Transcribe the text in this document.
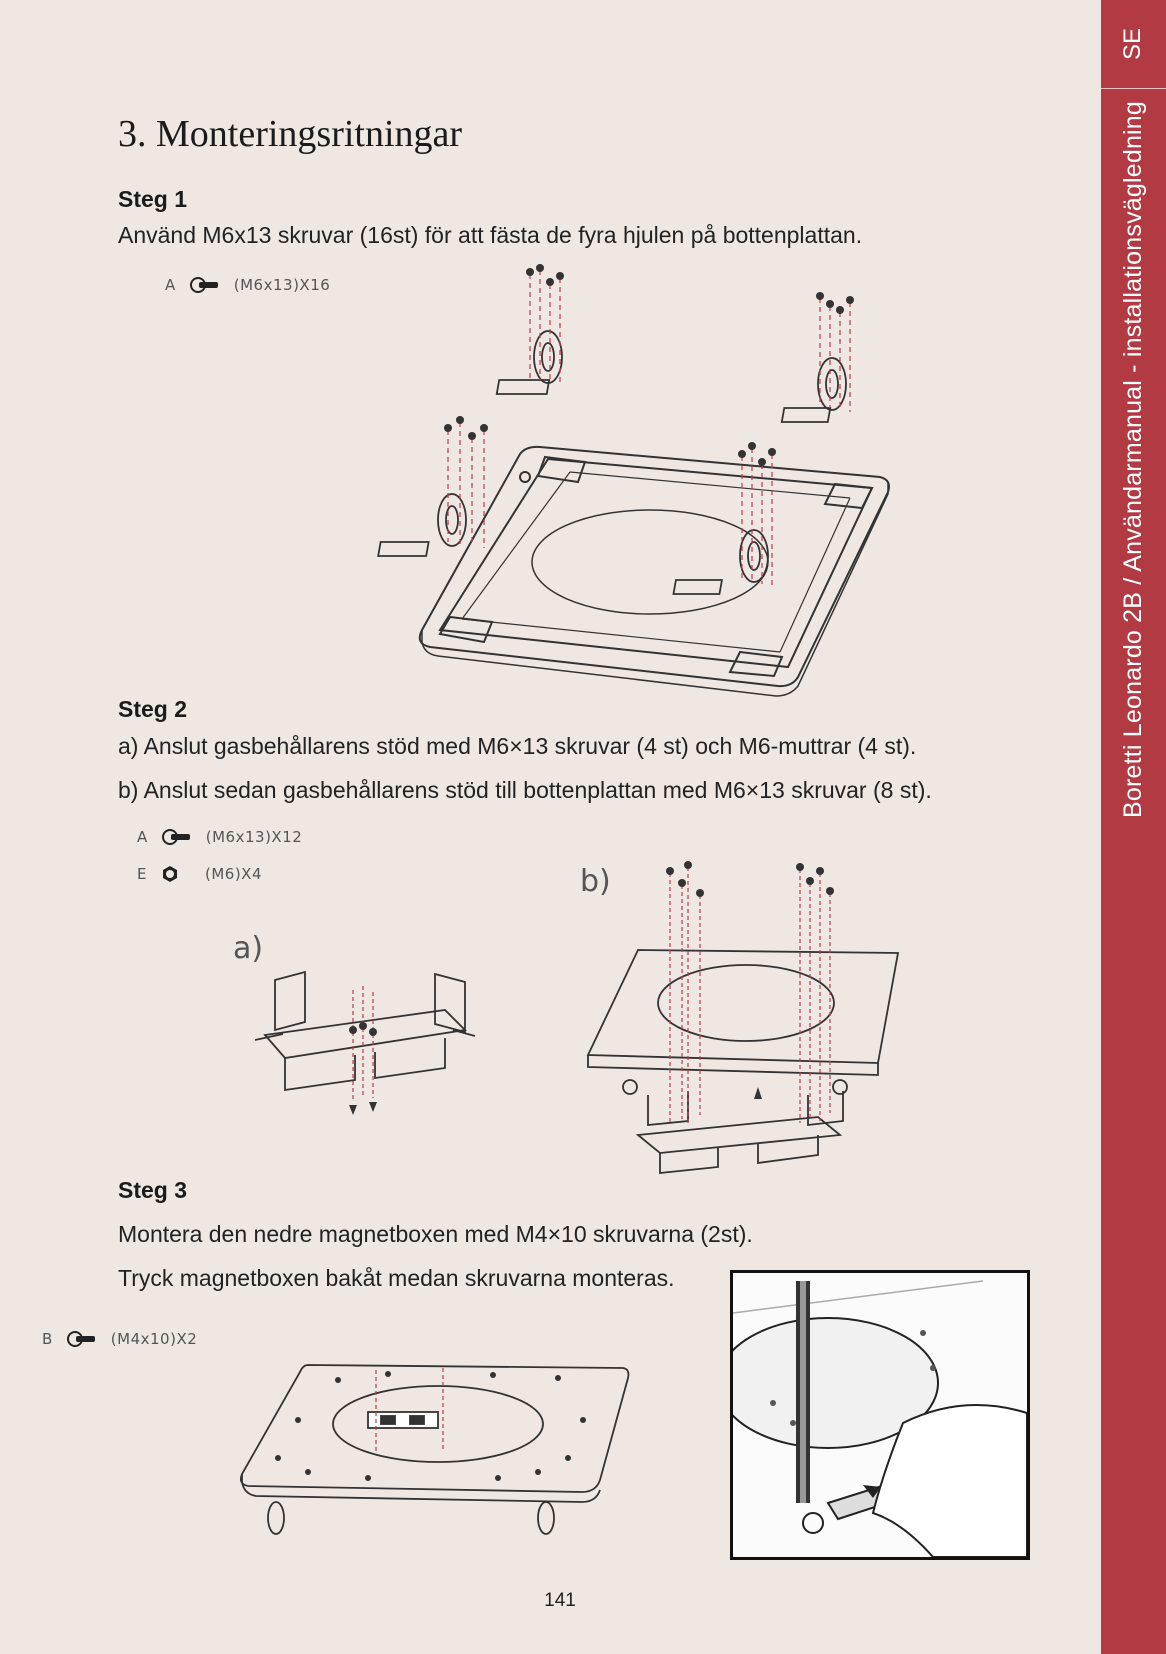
SE
Boretti Leonardo 2B / Användarmanual - installationsvägledning
3. Monteringsritningar
Steg 1

Använd M6x13 skruvar (16st) för att fästa de fyra hjulen på bottenplattan.

A	(M6x13)X16
Steg 2

a) Anslut gasbehållarens stöd med M6×13 skruvar (4 st) och M6-muttrar (4 st).

b) Anslut sedan gasbehållarens stöd till bottenplattan med M6×13 skruvar (8 st).

A	(M6x13)X12
E	(M6)X4
a)
b)
Steg 3

Montera den nedre magnetboxen med M4×10 skruvarna (2st).

Tryck magnetboxen bakåt medan skruvarna monteras.

B	(M4x10)X2
141
